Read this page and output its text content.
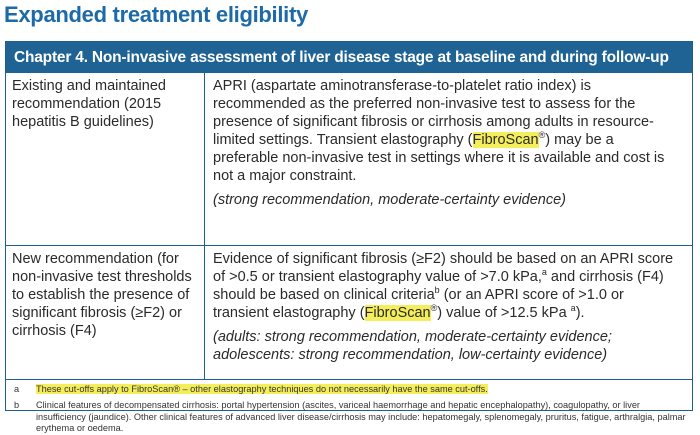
Expanded treatment eligibility
Chapter 4. Non-invasive assessment of liver disease stage at baseline and during follow-up
Existing and maintained recommendation (2015 hepatitis B guidelines)
APRI (aspartate aminotransferase-to-platelet ratio index) is recommended as the preferred non-invasive test to assess for the presence of significant fibrosis or cirrhosis among adults in resource-limited settings. Transient elastography (FibroScan®) may be a preferable non-invasive test in settings where it is available and cost is not a major constraint.
(strong recommendation, moderate-certainty evidence)
New recommendation (for non-invasive test thresholds to establish the presence of significant fibrosis (≥F2) or cirrhosis (F4)
Evidence of significant fibrosis (≥F2) should be based on an APRI score of >0.5 or transient elastography value of >7.0 kPa,$^a$ and cirrhosis (F4) should be based on clinical criteria$^b$ (or an APRI score of >1.0 or transient elastography (FibroScan®) value of >12.5 kPa $^a$).
(adults: strong recommendation, moderate-certainty evidence;
adolescents: strong recommendation, low-certainty evidence)
a These cut-offs apply to FibroScan® – other elastography techniques do not necessarily have the same cut-offs.
b Clinical features of decompensated cirrhosis: portal hypertension (ascites, variceal haemorrhage and hepatic encephalopathy), coagulopathy, or liver insufficiency (jaundice). Other clinical features of advanced liver disease/cirrhosis may include: hepatomegaly, splenomegaly, pruritus, fatigue, arthralgia, palmar erythema or oedema.
